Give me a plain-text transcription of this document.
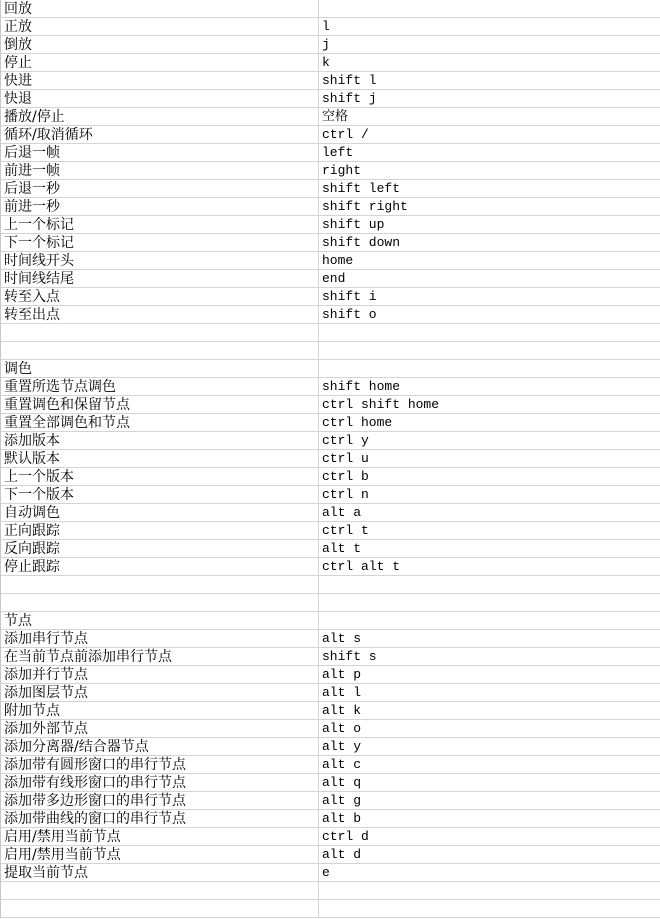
回放
正放	l
倒放	j
停止	k
快进	shift l
快退	shift j
播放/停止	空格
循环/取消循环	ctrl /
后退一帧	left
前进一帧	right
后退一秒	shift left
前进一秒	shift right
上一个标记	shift up
下一个标记	shift down
时间线开头	home
时间线结尾	end
转至入点	shift i
转至出点	shift o
调色
重置所选节点调色	shift home
重置调色和保留节点	ctrl shift home
重置全部调色和节点	ctrl home
添加版本	ctrl y
默认版本	ctrl u
上一个版本	ctrl b
下一个版本	ctrl n
自动调色	alt a
正向跟踪	ctrl t
反向跟踪	alt t
停止跟踪	ctrl alt t
节点
添加串行节点	alt s
在当前节点前添加串行节点	shift s
添加并行节点	alt p
添加图层节点	alt l
附加节点	alt k
添加外部节点	alt o
添加分离器/结合器节点	alt y
添加带有圆形窗口的串行节点	alt c
添加带有线形窗口的串行节点	alt q
添加带多边形窗口的串行节点	alt g
添加带曲线的窗口的串行节点	alt b
启用/禁用当前节点	ctrl d
启用/禁用当前节点	alt d
提取当前节点	e
